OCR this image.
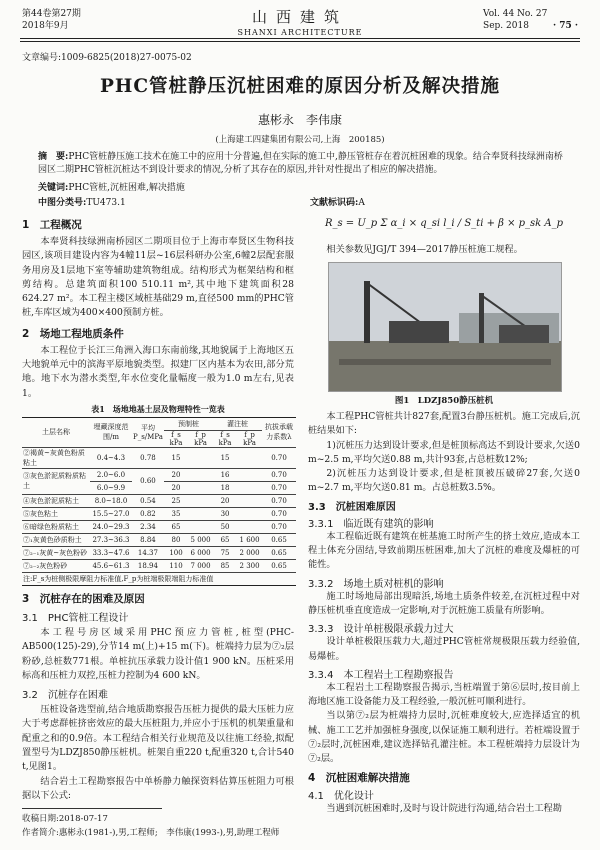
第44卷第27期
2018年9月	山西建筑
SHANXI ARCHITECTURE
Vol. 44 No. 27
Sep. 2018	· 75 ·
文章编号:1009-6825(2018)27-0075-02
PHC管桩静压沉桩困难的原因分析及解决措施
惠彬永　李伟康
(上海建工四建集团有限公司,上海　200185)
摘　要:PHC管桩静压施工技术在施工中的应用十分普遍,但在实际的施工中,静压管桩存在着沉桩困难的现象。结合奉贤科技绿洲南桥园区二期PHC管桩沉桩达不到设计要求的情况,分析了其存在的原因,并针对性提出了相应的解决措施。
关键词:PHC管桩,沉桩困难,解决措施
中图分类号:TU473.1	文献标识码:A
1　工程概况
本奉贤科技绿洲南桥园区二期项目位于上海市奉贤区生物科技园区,该项目建设内容为4幢11层~16层科研办公室,6幢2层配套服务用房及1层地下室等辅助建筑物组成。结构形式为框架结构和框剪结构。总建筑面积100 510.11 m²,其中地下建筑面积28 624.27 m²。本工程主楼区域桩基础29 m,直径500 mm的PHC管桩,车库区域为400×400预制方桩。
2　场地工程地质条件
本工程位于长江三角洲入海口东南前缘,其地貌属于上海地区五大地貌单元中的滨海平原地貌类型。拟建厂区内基本为农田,部分荒地。地下水为潜水类型,年水位变化量幅度一般为1.0 m左右,见表1。
表1　场地地基土层及物理特性一览表
土层名称	埋藏深度范围/m	平均P_s/MPa	预制桩		灌注桩		抗拔承载力系数λ
			f_s kPa	f_p kPa	f_s kPa	f_p kPa	
②褐黄~灰黄色粉质粘土	0.4~4.3	0.78	15		15		0.70
③灰色淤泥质粉质粘土	2.0~6.0	0.60	20		16		0.70
	6.0~9.9		20		18		0.70
④灰色淤泥质粘土	8.0~18.0	0.54	25		20		0.70
⑤灰色粘土	15.5~27.0	0.82	35		30		0.70
⑥暗绿色粉质粘土	24.0~29.3	2.34	65		50		0.70
⑦₁灰黄色砂质粉土	27.3~36.3	8.84	80	5 000	65	1 600	0.65
⑦₂₋₁灰黄~灰色粉砂	33.3~47.6	14.37	100	6 000	75	2 000	0.65
⑦₂₋₂灰色粉砂	45.6~61.3	18.94	110	7 000	85	2 300	0.65
注:F_s为桩侧极限摩阻力标准值,F_p为桩端极限端阻力标准值							
3　沉桩存在的困难及原因
3.1　PHC管桩工程设计
本工程号房区域采用PHC预应力管桩,桩型(PHC-AB500(125)-29),分节14 m(上)+15 m(下)。桩端持力层为⑦₂层粉砂,总桩数771根。单桩抗压承载力设计值1 900 kN。压桩采用标高和压桩力双控,压桩力控制为4 600 kN。
3.2　沉桩存在困难
压桩设备选型前,结合地质勘察报告压桩力提供的最大压桩力应大于考虑群桩挤密效应的最大压桩阻力,并应小于压机的机架重量和配重之和的0.9倍。本工程结合相关行业规范及以往施工经验,拟配置型号为LDZJ850静压桩机。桩架自重220 t,配重320 t,合计540 t,见图1。
结合岩土工程勘察报告中单桥静力触探资料估算压桩阻力可根据以下公式:
R_s = U_p Σ α_i × q_si l_i / S_ti + β × p_sk A_p
相关参数见JGJ/T 394—2017静压桩施工规程。
图1　LDZJ850静压桩机
本工程PHC管桩共计827套,配置3台静压桩机。施工完成后,沉桩结果如下:
1)沉桩压力达到设计要求,但是桩顶标高达不到设计要求,欠送0 m~2.5 m,平均欠送0.88 m,共计93套,占总桩数12%;
2)沉桩压力达到设计要求,但是桩顶被压破碎27套,欠送0 m~2.7 m,平均欠送0.81 m。占总桩数3.5%。
3.3　沉桩困难原因
3.3.1　临近既有建筑的影响
本工程临近既有建筑在桩基施工时所产生的挤土效应,造成本工程土体充分固结,导致前期压桩困难,加大了沉桩的难度及爆桩的可能性。
3.3.2　场地土质对桩机的影响
施工时场地局部出现暗浜,场地土质条件较差,在沉桩过程中对静压桩机垂直度造成一定影响,对于沉桩施工质量有所影响。
3.3.3　设计单桩极限承载力过大
设计单桩极限压载力大,超过PHC管桩常规极限压载力经验值,易爆桩。
3.3.4　本工程岩土工程勘察报告
本工程岩土工程勘察报告揭示,当桩端置于第⑥层时,按目前上海地区施工设备能力及工程经验,一般沉桩可顺利进行。
当以第⑦₂层为桩端持力层时,沉桩难度较大,应选择适宜的机械、施工工艺并加强桩身强度,以保证施工顺利进行。若桩端设置于⑦₂层时,沉桩困难,建议选择钻孔灌注桩。本工程桩端持力层设计为⑦₂层。
4　沉桩困难解决措施
4.1　优化设计
当遇到沉桩困难时,及时与设计院进行沟通,结合岩土工程勘
收稿日期:2018-07-17
作者简介:惠彬永(1981-),男,工程师;　李伟康(1993-),男,助理工程师
